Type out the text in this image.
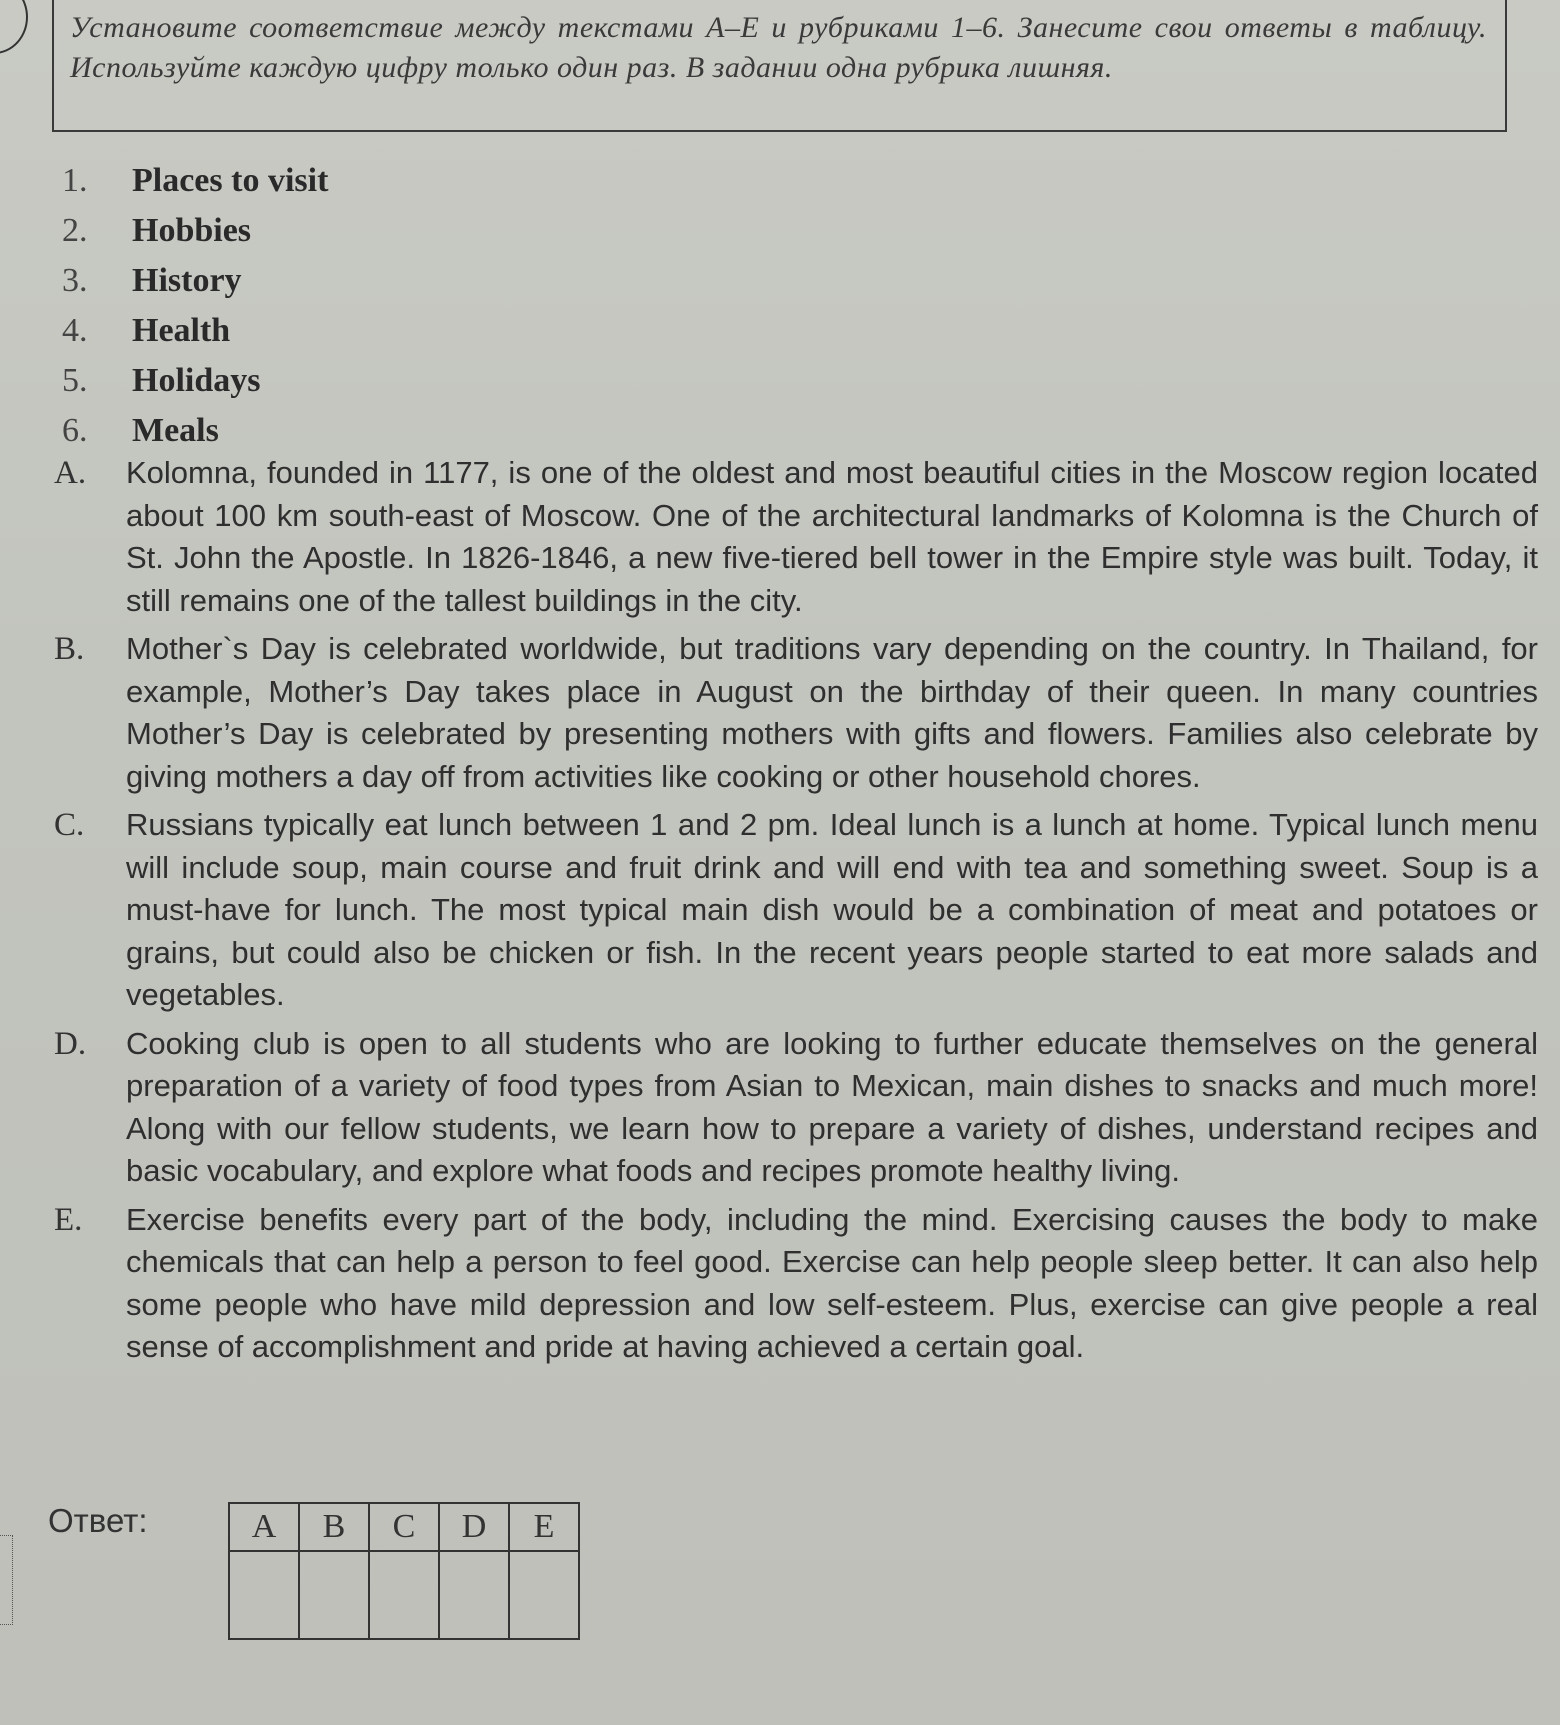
Установите соответствие между текстами A–E и рубриками 1–6. Занесите свои ответы в таблицу. Используйте каждую цифру только один раз. В задании одна рубрика лишняя.
1.	Places to visit
2.	Hobbies
3.	History
4.	Health
5.	Holidays
6.	Meals
A.	Kolomna, founded in 1177, is one of the oldest and most beautiful cities in the Moscow region located about 100 km south-east of Moscow. One of the architectural landmarks of Kolomna is the Church of St. John the Apostle. In 1826-1846, a new five-tiered bell tower in the Empire style was built. Today, it still remains one of the tallest buildings in the city.
B.	Mother`s Day is celebrated worldwide, but traditions vary depending on the country. In Thailand, for example, Mother’s Day takes place in August on the birthday of their queen. In many countries Mother’s Day is celebrated by presenting mothers with gifts and flowers. Families also celebrate by giving mothers a day off from activities like cooking or other household chores.
C.	Russians typically eat lunch between 1 and 2 pm. Ideal lunch is a lunch at home. Typical lunch menu will include soup, main course and fruit drink and will end with tea and something sweet. Soup is a must-have for lunch. The most typical main dish would be a combination of meat and potatoes or grains, but could also be chicken or fish. In the recent years people started to eat more salads and vegetables.
D.	Cooking club is open to all students who are looking to further educate themselves on the general preparation of a variety of food types from Asian to Mexican, main dishes to snacks and much more! Along with our fellow students, we learn how to prepare a variety of dishes, understand recipes and basic vocabulary, and explore what foods and recipes promote healthy living.
E.	Exercise benefits every part of the body, including the mind. Exercising causes the body to make chemicals that can help a person to feel good. Exercise can help people sleep better. It can also help some people who have mild depression and low self-esteem. Plus, exercise can give people a real sense of accomplishment and pride at having achieved a certain goal.
Ответ:	A	B	C	D	E
